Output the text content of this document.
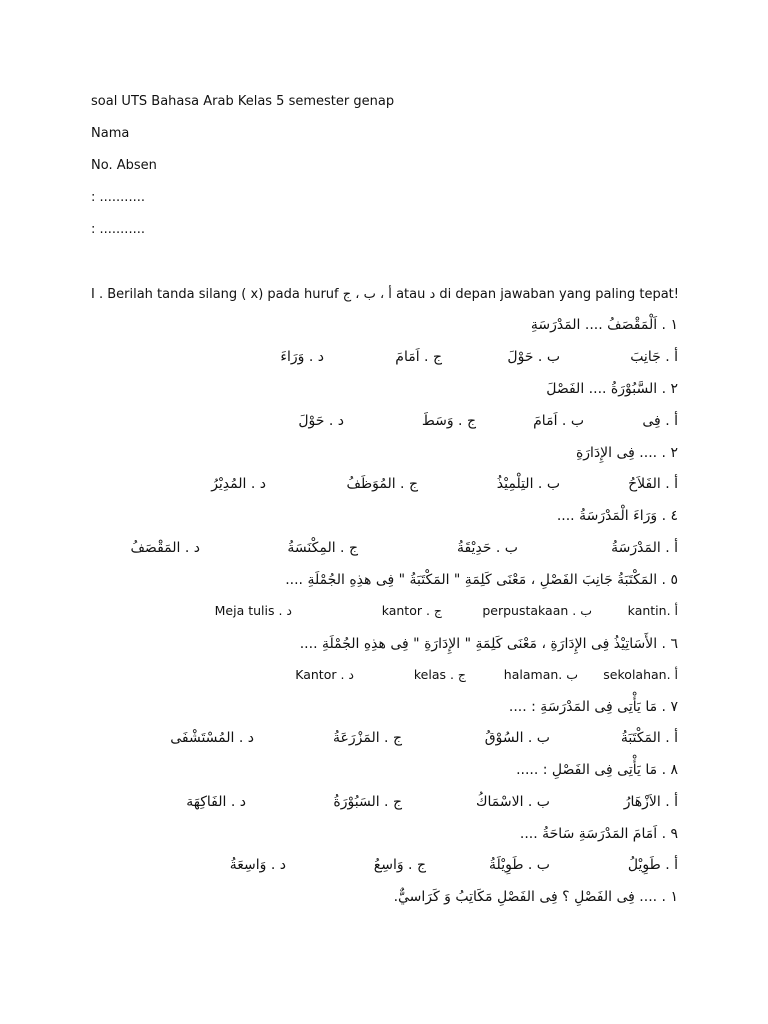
soal UTS Bahasa Arab Kelas 5 semester genap
Nama
No. Absen
: ...........
: ...........
I . Berilah tanda silang ( x) pada huruf أ ، ب ، ج atau د di depan jawaban yang paling tepat!
١ . اَلْمَقْصَفُ .... المَدْرَسَةِ
أ . جَانِبَ
ب . حَوْلَ
ج . اَمَامَ
د . وَرَاءَ
٢ . السَّبُوْرَةُ .... الفَصْلَ
أ . فِى
ب . اَمَامَ
ج . وَسَطَ
د . حَوْلَ
٢ . .... فِى الإِدَارَةِ
أ . الفَلاَحُ
ب . التِلْمِيْذُ
ج . المُوَظَفُ
د . المُدِيْرُ
٤ . وَرَاءَ الْمَدْرَسَةُ ....
أ . المَدْرَسَةُ
ب . حَدِيْقَةُ
ج . المِكْنَسَةُ
د . المَقْصَفُ
٥ . المَكْتَبَةُ جَانِبَ الفَصْلِ ، مَعْنَى كَلِمَةِ " المَكْتَبَةُ " فِى هذِهِ الجُمْلَةِ ....
أ .kantin
ب . perpustakaan
ج . kantor
د . Meja tulis
٦ . الأَسَاتِيْذُ فِى الإِدَارَةِ ، مَعْنَى كَلِمَةِ " الإِدَارَةِ " فِى هذِهِ الجُمْلَةِ ....
أ .sekolahan
ب .halaman
ج . kelas
د . Kantor
٧ . مَا يَأْتِى فِى المَدْرَسَةِ : ....
أ . المَكْتَبَةُ
ب . السُوْقُ
ج . المَزْرَعَةُ
د . المُسْتَشْفَى
٨ . مَا يَأْتِى فِى الفَصْلِ : .....
أ . الاَزْهَارُ
ب . الاسْمَاكُ
ج . السَبُوْرَةُ
د . الفَاكِهَة
٩ . اَمَامَ المَدْرَسَةِ سَاحَةُ ....
أ . طَوِيْلُ
ب . طَوِيْلَةُ
ج . وَاسِعُ
د . وَاسِعَةُ
١ . .... فِى الفَصْلِ ؟ فِى الفَصْلِ مَكَاتِبُ وَ كَرَاسيٌّ.
